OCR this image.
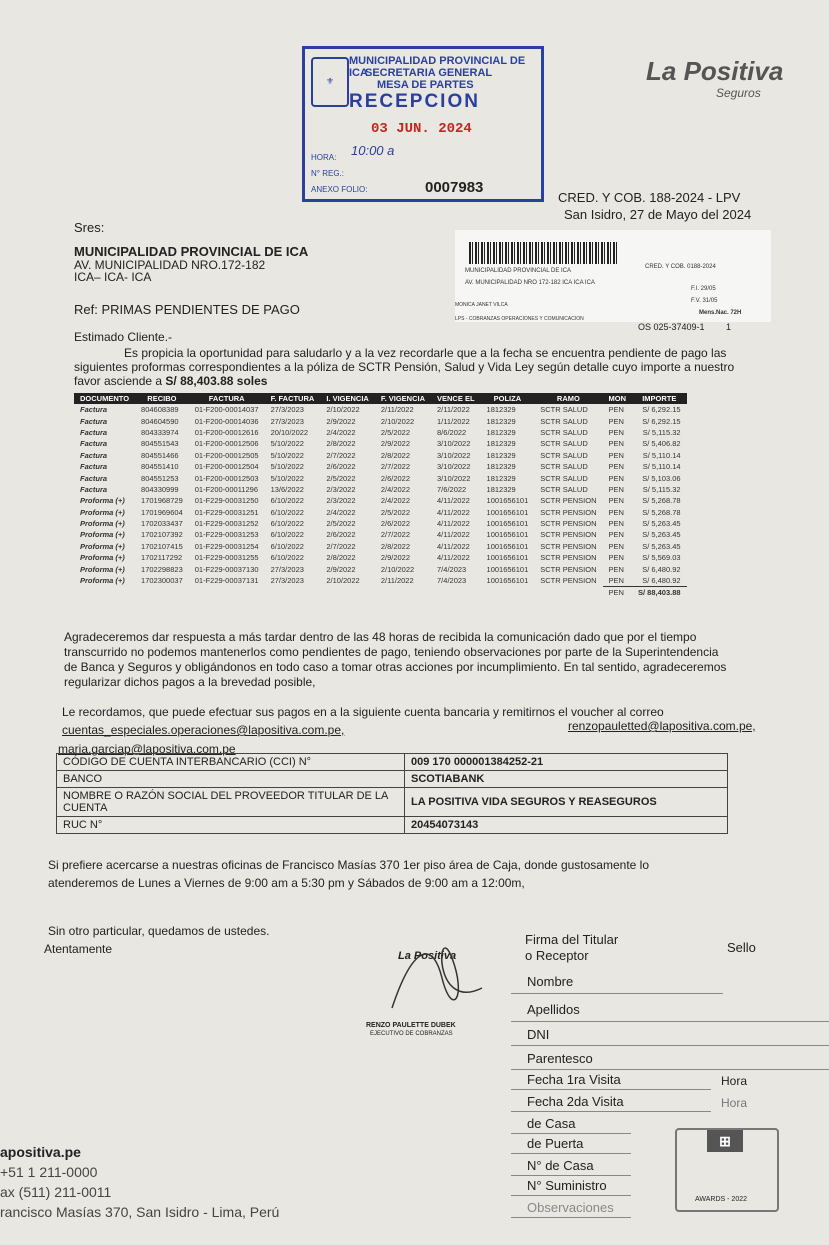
⚜
MUNICIPALIDAD PROVINCIAL DE ICA
SECRETARIA GENERAL
MESA DE PARTES
RECEPCION
03 JUN. 2024
HORA: 10:00 a
N° REG.:
ANEXO FOLIO:	0007983
La Positiva
Seguros
CRED. Y COB. 188-2024 - LPV
San Isidro, 27 de Mayo del 2024
Sres:
MUNICIPALIDAD PROVINCIAL DE ICA
AV. MUNICIPALIDAD NRO.172-182
ICA– ICA- ICA	MUNICIPALIDAD PROVINCIAL DE ICA
AV. MUNICIPALIDAD NRO 172-182 ICA ICA ICA
CRED. Y COB. 0188-2024
F.I. 29/05
F.V. 31/05
Mens.Nac. 72H
MONICA JANET VILCA
LPS - COBRANZAS OPERACIONES Y COMUNICACION
OS 025-37409-1 1
Ref: PRIMAS PENDIENTES DE PAGO
Estimado Cliente.-
Es propicia la oportunidad para saludarlo y a la vez recordarle que a la fecha se encuentra pendiente de pago las
siguientes proformas correspondientes a la póliza de SCTR Pensión, Salud y Vida Ley según detalle cuyo importe a nuestro
favor asciende a S/ 88,403.88 soles
DOCUMENTO	RECIBO	FACTURA	F. FACTURA	I. VIGENCIA	F. VIGENCIA	VENCE EL	POLIZA	RAMO	MON	IMPORTE
Factura	804608389	01-F200-00014037	27/3/2023	2/10/2022	2/11/2022	2/11/2022	1812329	SCTR SALUD	PEN	S/ 6,292.15
Factura	804604590	01-F200-00014036	27/3/2023	2/9/2022	2/10/2022	1/11/2022	1812329	SCTR SALUD	PEN	S/ 6,292.15
Factura	804333974	01-F200-00012616	20/10/2022	2/4/2022	2/5/2022	8/6/2022	1812329	SCTR SALUD	PEN	S/ 5,115.32
Factura	804551543	01-F200-00012506	5/10/2022	2/8/2022	2/9/2022	3/10/2022	1812329	SCTR SALUD	PEN	S/ 5,406.82
Factura	804551466	01-F200-00012505	5/10/2022	2/7/2022	2/8/2022	3/10/2022	1812329	SCTR SALUD	PEN	S/ 5,110.14
Factura	804551410	01-F200-00012504	5/10/2022	2/6/2022	2/7/2022	3/10/2022	1812329	SCTR SALUD	PEN	S/ 5,110.14
Factura	804551253	01-F200-00012503	5/10/2022	2/5/2022	2/6/2022	3/10/2022	1812329	SCTR SALUD	PEN	S/ 5,103.06
Factura	804330999	01-F200-00011296	13/6/2022	2/3/2022	2/4/2022	7/6/2022	1812329	SCTR SALUD	PEN	S/ 5,115.32
Proforma (+)	1701968729	01-F229-00031250	6/10/2022	2/3/2022	2/4/2022	4/11/2022	1001656101	SCTR PENSION	PEN	S/ 5,268.78
Proforma (+)	1701969604	01-F229-00031251	6/10/2022	2/4/2022	2/5/2022	4/11/2022	1001656101	SCTR PENSION	PEN	S/ 5,268.78
Proforma (+)	1702033437	01-F229-00031252	6/10/2022	2/5/2022	2/6/2022	4/11/2022	1001656101	SCTR PENSION	PEN	S/ 5,263.45
Proforma (+)	1702107392	01-F229-00031253	6/10/2022	2/6/2022	2/7/2022	4/11/2022	1001656101	SCTR PENSION	PEN	S/ 5,263.45
Proforma (+)	1702107415	01-F229-00031254	6/10/2022	2/7/2022	2/8/2022	4/11/2022	1001656101	SCTR PENSION	PEN	S/ 5,263.45
Proforma (+)	1702117292	01-F229-00031255	6/10/2022	2/8/2022	2/9/2022	4/11/2022	1001656101	SCTR PENSION	PEN	S/ 5,569.03
Proforma (+)	1702298823	01-F229-00037130	27/3/2023	2/9/2022	2/10/2022	7/4/2023	1001656101	SCTR PENSION	PEN	S/ 6,480.92
Proforma (+)	1702300037	01-F229-00037131	27/3/2023	2/10/2022	2/11/2022	7/4/2023	1001656101	SCTR PENSION	PEN	S/ 6,480.92
									PEN	S/ 88,403.88
Agradeceremos dar respuesta a más tardar dentro de las 48 horas de recibida la comunicación dado que por el tiempo
transcurrido no podemos mantenerlos como pendientes de pago, teniendo observaciones por parte de la Superintendencia
de Banca y Seguros y obligándonos en todo caso a tomar otras acciones por incumplimiento. En tal sentido, agradeceremos
regularizar dichos pagos a la brevedad posible,
Le recordamos, que puede efectuar sus pagos en a la siguiente cuenta bancaria y remitirnos el voucher al correo
cuentas_especiales.operaciones@lapositiva.com.pe,	renzopauletted@lapositiva.com.pe,
maria.garciap@lapositiva.com.pe
CÓDIGO DE CUENTA INTERBANCARIO (CCI) N°	009 170 000001384252-21
BANCO	SCOTIABANK
NOMBRE O RAZÓN SOCIAL DEL PROVEEDOR TITULAR DE LA CUENTA	LA POSITIVA VIDA SEGUROS Y REASEGUROS
RUC N°	20454073143
Si prefiere acercarse a nuestras oficinas de Francisco Masías 370 1er piso área de Caja, donde gustosamente lo
atenderemos de Lunes a Viernes de 9:00 am a 5:30 pm y Sábados de 9:00 am a 12:00m,
Sin otro particular, quedamos de ustedes.
Atentamente	La Positiva
RENZO PAULETTE DUBEK
EJECUTIVO DE COBRANZAS
Firma del Titular
o Receptor
Sello
Nombre
Apellidos
DNI
Parentesco
Fecha 1ra Visita
Fecha 2da Visita
Hora
Hora
de Casa
de Puerta
N° de Casa
N° Suministro
Observaciones
⊞
AWARDS - 2022
apositiva.pe
+51 1 211-0000
ax (511) 211-0011
rancisco Masías 370, San Isidro - Lima, Perú
